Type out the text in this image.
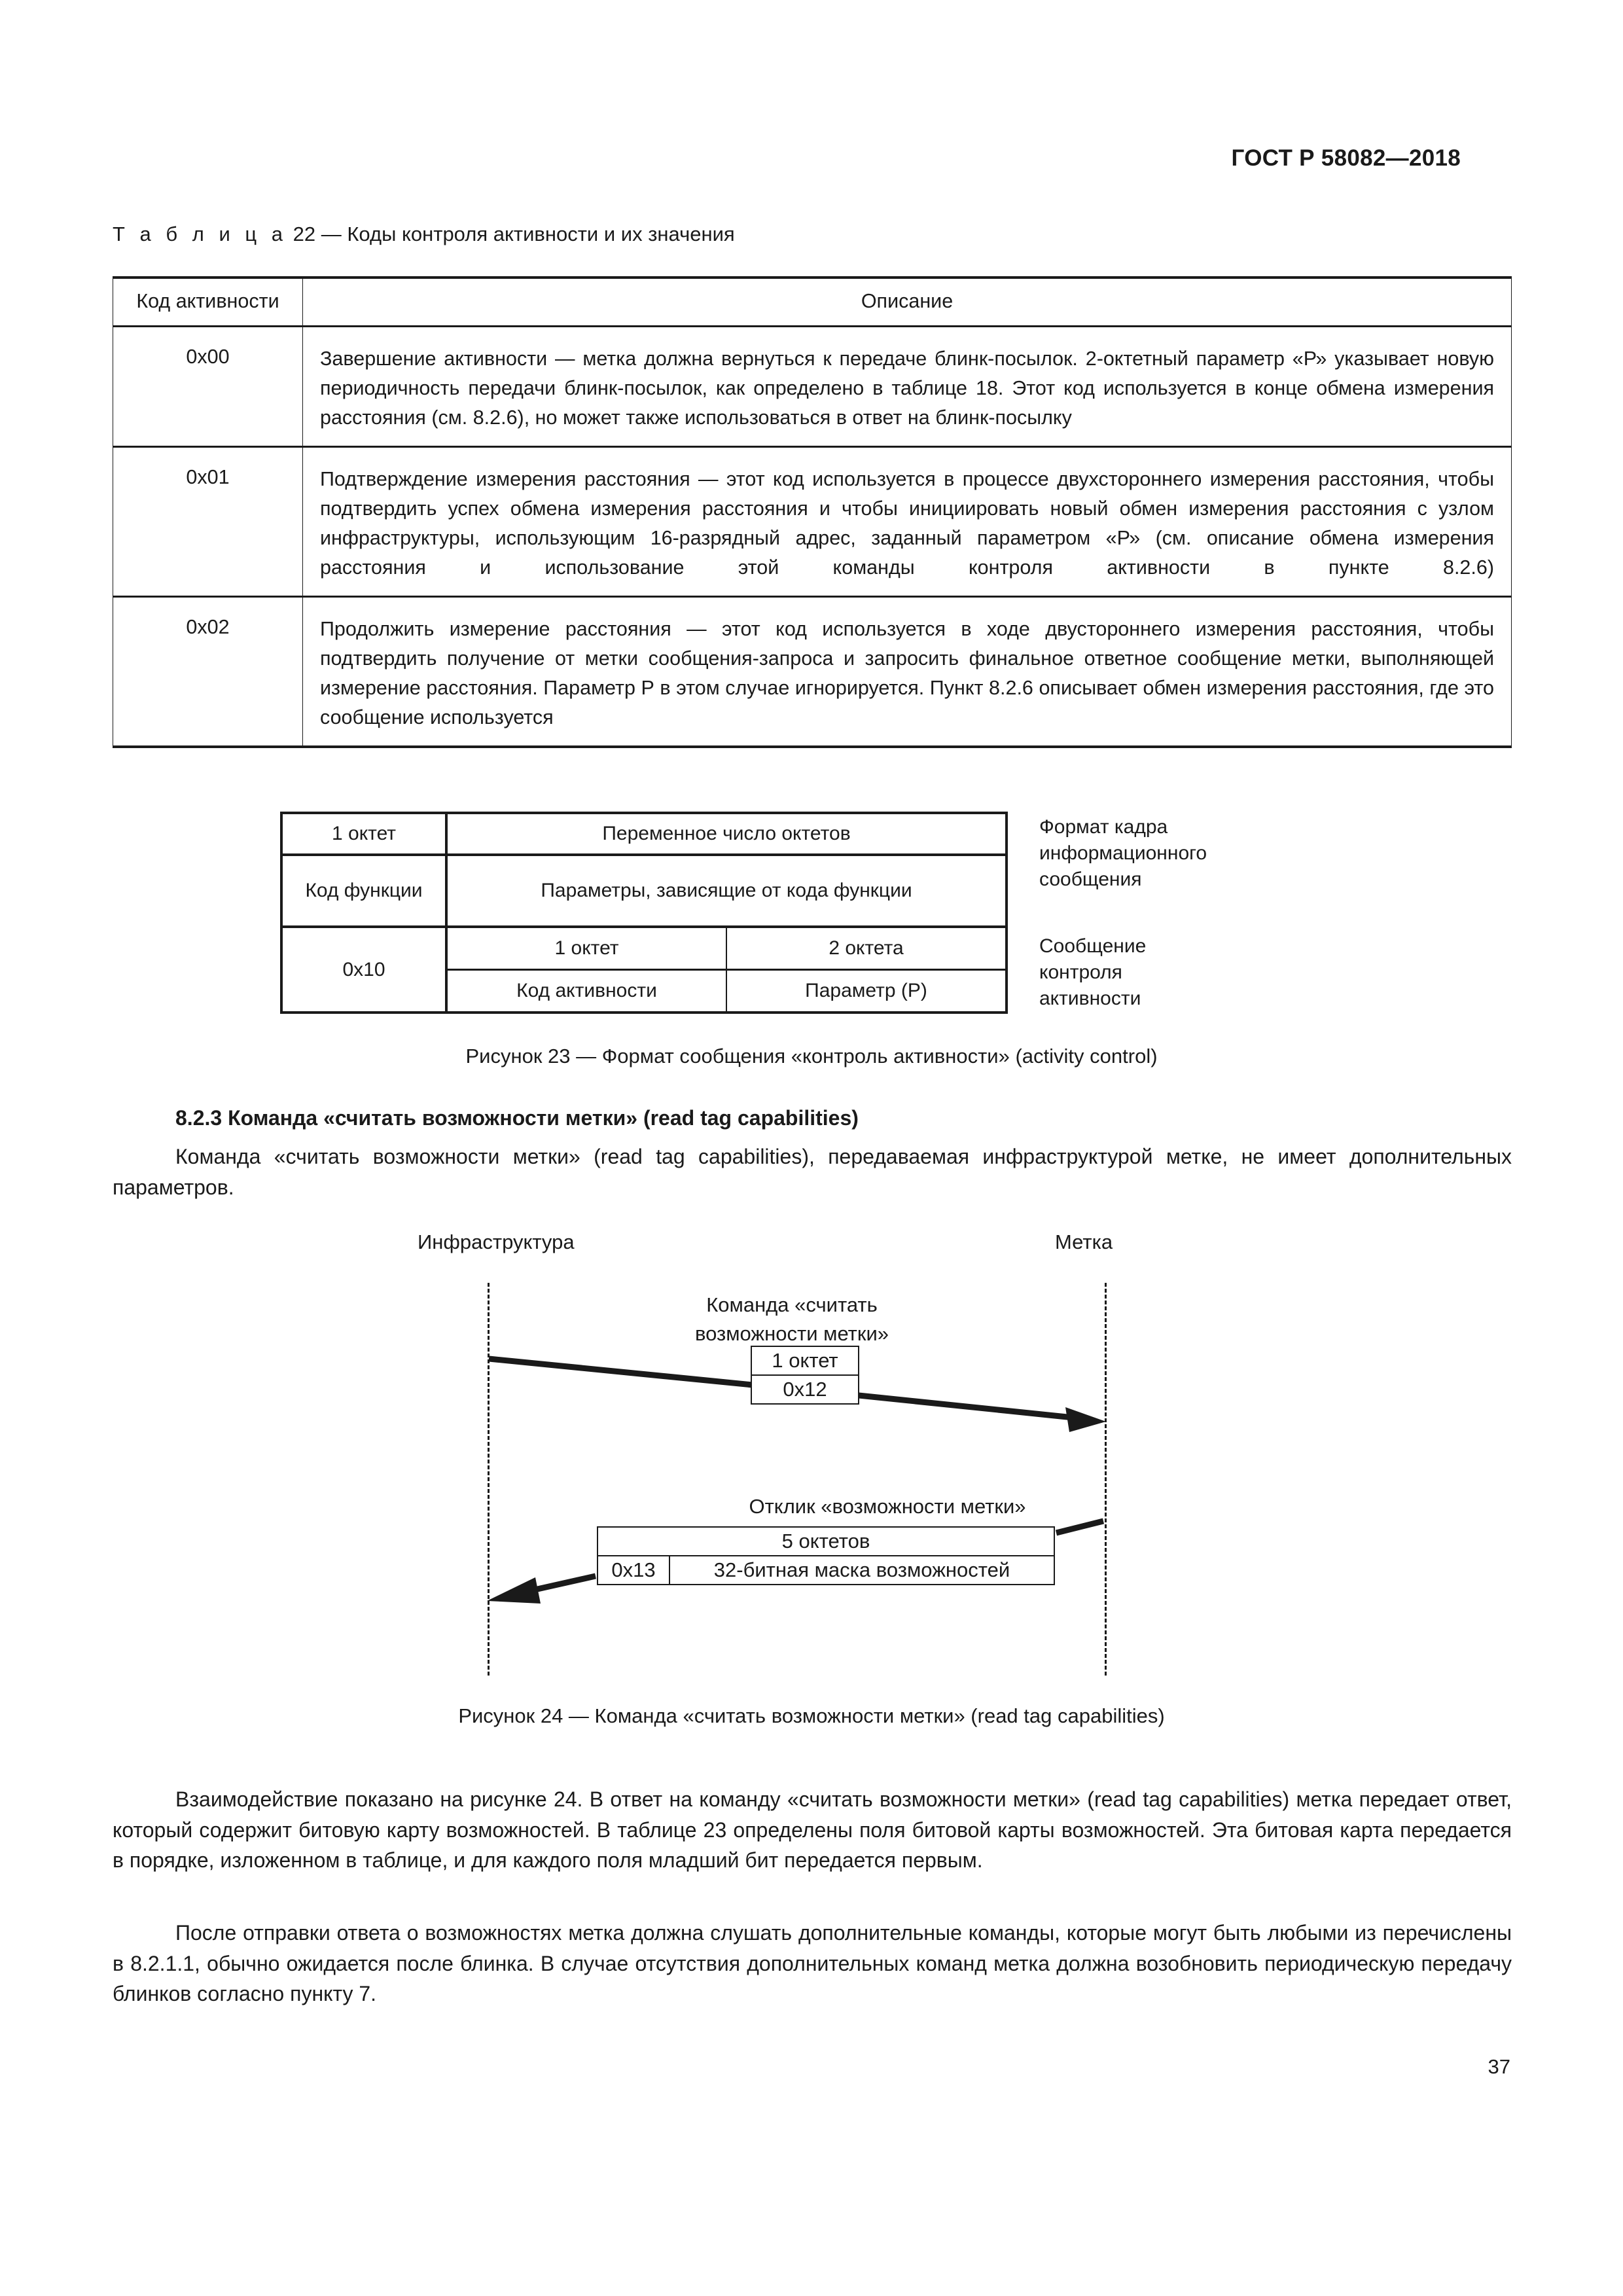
ГОСТ Р 58082—2018
Т а б л и ц а 22 — Коды контроля активности и их значения
Код активности	Описание
0x00	Завершение активности — метка должна вернуться к передаче блинк-посылок. 2-октетный параметр «Р» указывает новую периодичность передачи блинк-посылок, как определено в таблице 18. Этот код используется в конце обмена измерения расстояния (см. 8.2.6), но может также использоваться в ответ на блинк-посылку
0x01	Подтверждение измерения расстояния — этот код используется в процессе двухстороннего измерения расстояния, чтобы подтвердить успех обмена измерения расстояния и чтобы инициировать новый обмен измерения расстояния с узлом инфраструктуры, использующим 16-разрядный адрес, заданный параметром «Р» (см. описание обмена измерения расстояния и использование этой команды контроля активности в пункте 8.2.6)
0x02	Продолжить измерение расстояния — этот код используется в ходе двустороннего измерения расстояния, чтобы подтвердить получение от метки сообщения-запроса и запросить финальное ответное сообщение метки, выполняющей измерение расстояния. Параметр Р в этом случае игнорируется. Пункт 8.2.6 описывает обмен измерения расстояния, где это сообщение используется
1 октет	Переменное число октетов
Код функции	Параметры, зависящие от кода функции
0x10	
1 октет	2 октета
Код активности	Параметр (Р)
Формат кадра
информационного
сообщения
Сообщение контроля
активности
Рисунок 23 — Формат сообщения «контроль активности» (activity control)
8.2.3 Команда «считать возможности метки» (read tag capabilities)
Команда «считать возможности метки» (read tag capabilities), передаваемая инфраструктурой метке, не имеет дополнительных параметров.
Инфраструктура	Метка
Команда «считать
возможности метки»
1 октет
0x12
Отклик «возможности метки»
5 октетов
0x13	32-битная маска возможностей
Рисунок 24 — Команда «считать возможности метки» (read tag capabilities)
Взаимодействие показано на рисунке 24. В ответ на команду «считать возможности метки» (read tag capabilities) метка передает ответ, который содержит битовую карту возможностей. В таблице 23 определены поля битовой карты возможностей. Эта битовая карта передается в порядке, изложенном в таблице, и для каждого поля младший бит передается первым.
После отправки ответа о возможностях метка должна слушать дополнительные команды, которые могут быть любыми из перечислены в 8.2.1.1, обычно ожидается после блинка. В случае отсутствия дополнительных команд метка должна возобновить периодическую передачу блинков согласно пункту 7.
37
